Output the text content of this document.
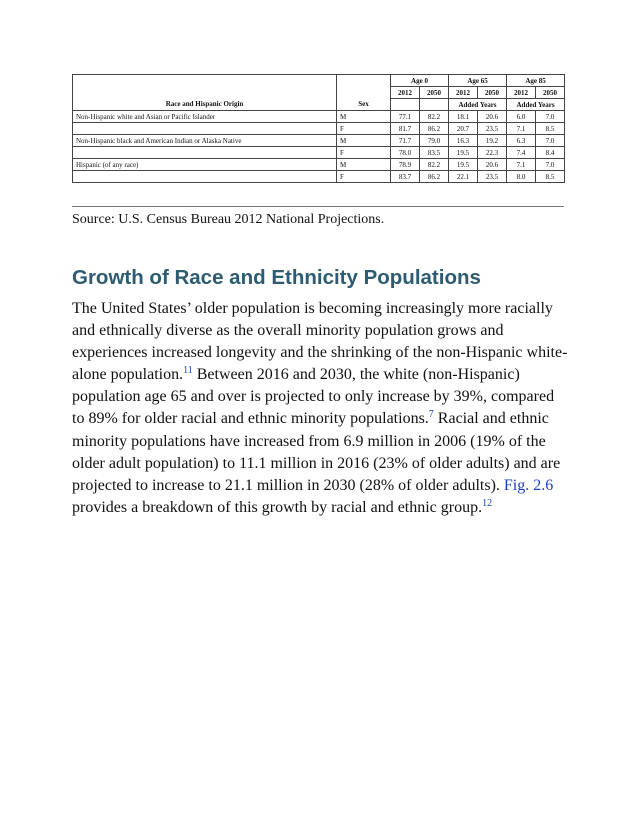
		Age 0		Age 65		Age 85	
		2012	2050	2012	2050	2012	2050
Race and Hispanic Origin	Sex			Added Years		Added Years	
Non-Hispanic white and Asian or Pacific Islander	M	77.1	82.2	18.1	20.6	6.0	7.0
	F	81.7	86.2	20.7	23.5	7.1	8.5
Non-Hispanic black and American Indian or Alaska Native	M	71.7	79.0	16.3	19.2	6.3	7.0
	F	78.0	83.5	19.5	22.3	7.4	8.4
Hispanic (of any race)	M	78.9	82.2	19.5	20.6	7.1	7.0
	F	83.7	86.2	22.1	23.5	8.0	8.5
Source: U.S. Census Bureau 2012 National Projections.
Growth of Race and Ethnicity Populations

The United States’ older population is becoming increasingly more racially and ethnically diverse as the overall minority population grows and experiences increased longevity and the shrinking of the non-Hispanic white-alone population.$^{11}$ Between 2016 and 2030, the white (non-Hispanic) population age 65 and over is projected to only increase by 39%, compared to 89% for older racial and ethnic minority populations.$^7$ Racial and ethnic minority populations have increased from 6.9 million in 2006 (19% of the older adult population) to 11.1 million in 2016 (23% of older adults) and are projected to increase to 21.1 million in 2030 (28% of older adults). Fig. 2.6 provides a breakdown of this growth by racial and ethnic group.$^{12}$
